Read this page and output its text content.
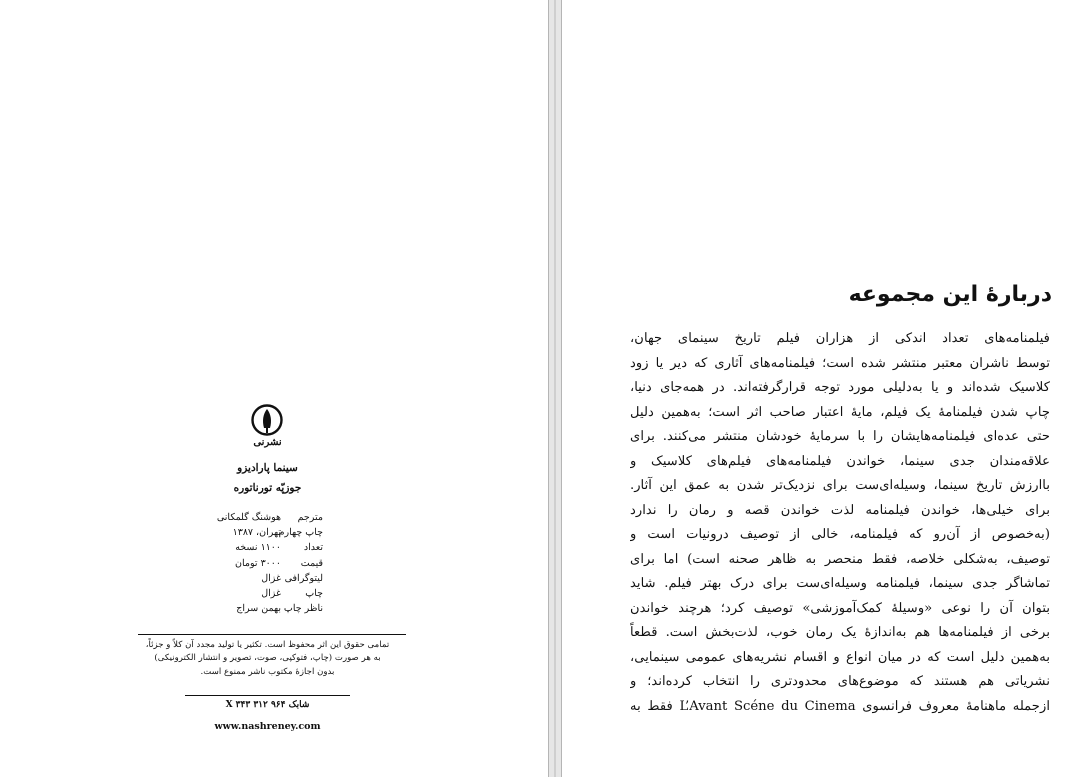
نشرنی
سینما پارادیزو
جوزپّه تورناتوره
مترجم
هوشنگ گلمکانی
چاپ چهارم
تهران، ۱۳۸۷
تعداد
۱۱۰۰ نسخه
قیمت
۳۰۰۰ تومان
لیتوگرافی
غزال
چاپ
غزال
ناظر چاپ
بهمن سراج
تمامی حقوق این اثر محفوظ است. تکثیر یا تولید مجدد آن کلاً و جزئاً،
به هر صورت (چاپ، فتوکپی، صوت، تصویر و انتشار الکترونیکی)
بدون اجازهٔ مکتوب ناشر ممنوع است.
شابک X ۳۴۳ ۳۱۲ ۹۶۴
www.nashreney.com
دربارهٔ این مجموعه
فیلمنامه‌های تعداد اندکی از هزاران فیلم تاریخ سینمای جهان،
توسط ناشران معتبر منتشر شده است؛ فیلمنامه‌های آثاری که دیر یا زود
کلاسیک شده‌اند و یا به‌دلیلی مورد توجه قرارگرفته‌اند. در همه‌جای دنیا،
چاپ شدن فیلمنامهٔ یک فیلم، مایهٔ اعتبار صاحب اثر است؛ به‌همین دلیل
حتی عده‌ای فیلمنامه‌هایشان را با سرمایهٔ خودشان منتشر می‌کنند. برای
علاقه‌مندان جدی سینما، خواندن فیلمنامه‌های فیلم‌های کلاسیک و
باارزش تاریخ سینما، وسیله‌ای‌ست برای نزدیک‌تر شدن به عمق این آثار.
برای خیلی‌ها، خواندن فیلمنامه لذت خواندن قصه و رمان را ندارد
(به‌خصوص از آن‌رو که فیلمنامه، خالی از توصیف درونیات است و
توصیف، به‌شکلی خلاصه، فقط منحصر به ظاهر صحنه است) اما برای
تماشاگر جدی سینما، فیلمنامه وسیله‌ای‌ست برای درک بهتر فیلم. شاید
بتوان آن را نوعی «وسیلهٔ کمک‌آموزشی» توصیف کرد؛ هرچند خواندن
برخی از فیلمنامه‌ها هم به‌اندازهٔ یک رمان خوب، لذت‌بخش است. قطعاً
به‌همین دلیل است که در میان انواع و اقسام نشریه‌های عمومی سینمایی،
نشریاتی هم هستند که موضوع‌های محدودتری را انتخاب کرده‌اند؛ و
ازجمله ماهنامهٔ معروف فرانسوی L’Avant Scéne du Cinema فقط به
